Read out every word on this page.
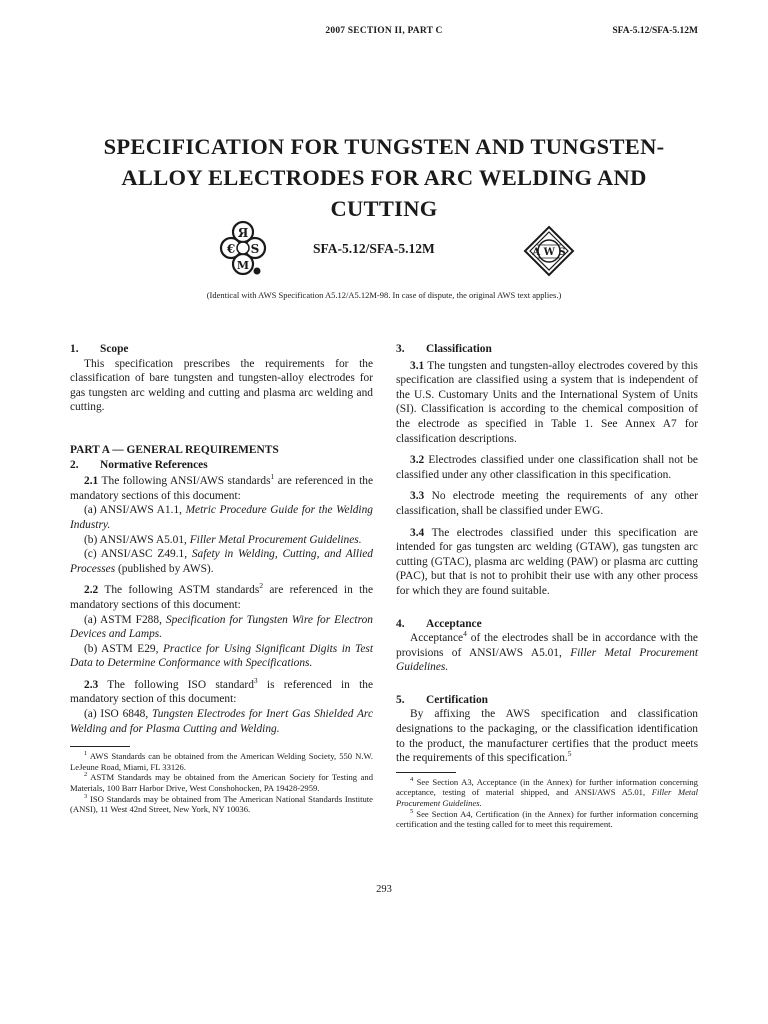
2007 SECTION II, PART C	SFA-5.12/SFA-5.12M
SPECIFICATION FOR TUNGSTEN AND TUNGSTEN-
ALLOY ELECTRODES FOR ARC WELDING AND
CUTTING
Я
€ S
M
SFA-5.12/SFA-5.12M	A W S
(Identical with AWS Specification A5.12/A5.12M-98. In case of dispute, the original AWS text applies.)

1. Scope

This specification prescribes the requirements for the classification of bare tungsten and tungsten-alloy electrodes for gas tungsten arc welding and cutting and plasma arc welding and cutting.

PART A — GENERAL REQUIREMENTS

2. Normative References

2.1 The following ANSI/AWS standards$^1$ are referenced in the mandatory sections of this document:

(a) ANSI/AWS A1.1, Metric Procedure Guide for the Welding Industry.

(b) ANSI/AWS A5.01, Filler Metal Procurement Guidelines.

(c) ANSI/ASC Z49.1, Safety in Welding, Cutting, and Allied Processes (published by AWS).

2.2 The following ASTM standards$^2$ are referenced in the mandatory sections of this document:

(a) ASTM F288, Specification for Tungsten Wire for Electron Devices and Lamps.

(b) ASTM E29, Practice for Using Significant Digits in Test Data to Determine Conformance with Specifications.

2.3 The following ISO standard$^3$ is referenced in the mandatory section of this document:

(a) ISO 6848, Tungsten Electrodes for Inert Gas Shielded Arc Welding and for Plasma Cutting and Welding.

$^1$ AWS Standards can be obtained from the American Welding Society, 550 N.W. LeJeune Road, Miami, FL 33126.

$^2$ ASTM Standards may be obtained from the American Society for Testing and Materials, 100 Barr Harbor Drive, West Conshohocken, PA 19428-2959.

$^3$ ISO Standards may be obtained from The American National Standards Institute (ANSI), 11 West 42nd Street, New York, NY 10036.

3. Classification

3.1 The tungsten and tungsten-alloy electrodes covered by this specification are classified using a system that is independent of the U.S. Customary Units and the International System of Units (SI). Classification is according to the chemical composition of the electrode as specified in Table 1. See Annex A7 for classification descriptions.

3.2 Electrodes classified under one classification shall not be classified under any other classification in this specification.

3.3 No electrode meeting the requirements of any other classification, shall be classified under EWG.

3.4 The electrodes classified under this specification are intended for gas tungsten arc welding (GTAW), gas tungsten arc cutting (GTAC), plasma arc welding (PAW) or plasma arc cutting (PAC), but that is not to prohibit their use with any other process for which they are found suitable.

4. Acceptance

Acceptance$^4$ of the electrodes shall be in accordance with the provisions of ANSI/AWS A5.01, Filler Metal Procurement Guidelines.

5. Certification

By affixing the AWS specification and classification designations to the packaging, or the classification identification to the product, the manufacturer certifies that the product meets the requirements of this specification.$^5$

$^4$ See Section A3, Acceptance (in the Annex) for further information concerning acceptance, testing of material shipped, and ANSI/AWS A5.01, Filler Metal Procurement Guidelines.

$^5$ See Section A4, Certification (in the Annex) for further information concerning certification and the testing called for to meet this requirement.

293
